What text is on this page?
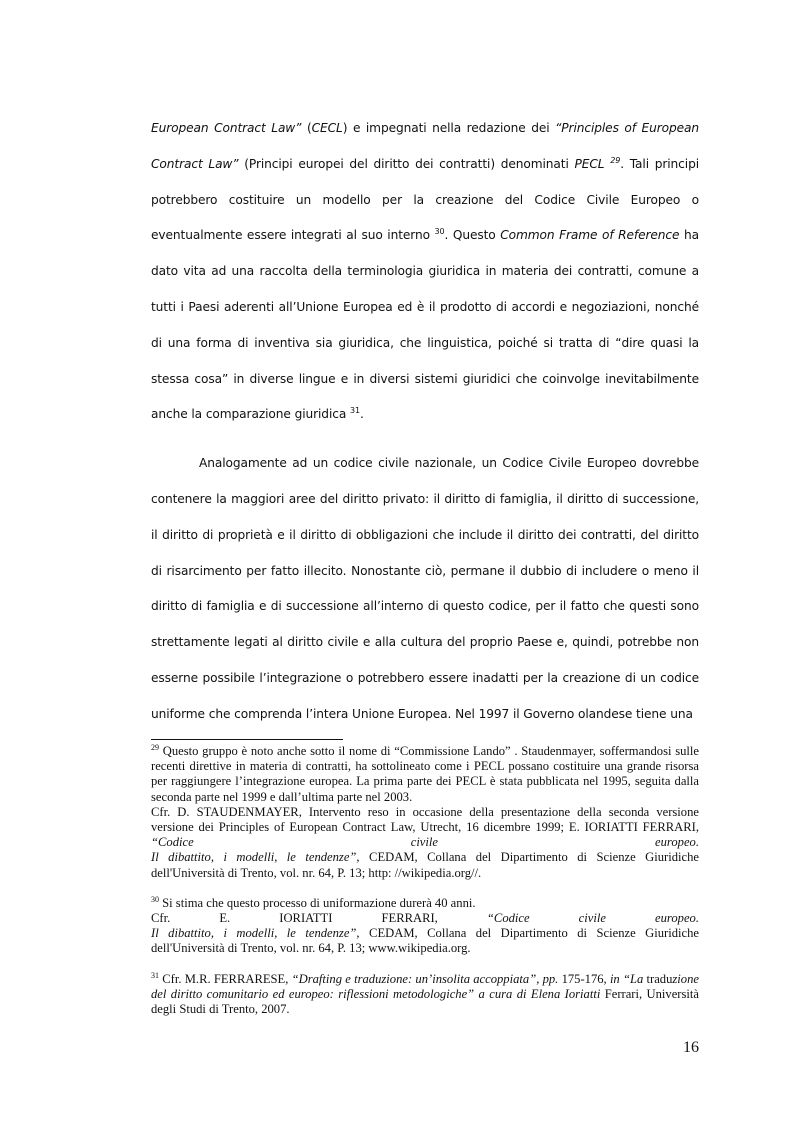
European Contract Law” (CECL) e impegnati nella redazione dei “Principles of European Contract Law” (Principi europei del diritto dei contratti) denominati PECL $^{29}$. Tali principi potrebbero costituire un modello per la creazione del Codice Civile Europeo o eventualmente essere integrati al suo interno $^{30}$. Questo Common Frame of Reference ha dato vita ad una raccolta della terminologia giuridica in materia dei contratti, comune a tutti i Paesi aderenti all’Unione Europea ed è il prodotto di accordi e negoziazioni, nonché di una forma di inventiva sia giuridica, che linguistica, poiché si tratta di “dire quasi la stessa cosa” in diverse lingue e in diversi sistemi giuridici che coinvolge inevitabilmente anche la comparazione giuridica $^{31}$.

Analogamente ad un codice civile nazionale, un Codice Civile Europeo dovrebbe contenere la maggiori aree del diritto privato: il diritto di famiglia, il diritto di successione, il diritto di proprietà e il diritto di obbligazioni che include il diritto dei contratti, del diritto di risarcimento per fatto illecito. Nonostante ciò, permane il dubbio di includere o meno il diritto di famiglia e di successione all’interno di questo codice, per il fatto che questi sono strettamente legati al diritto civile e alla cultura del proprio Paese e, quindi, potrebbe non esserne possibile l’integrazione o potrebbero essere inadatti per la creazione di un codice uniforme che comprenda l’intera Unione Europea. Nel 1997 il Governo olandese tiene una

$^{29}$ Questo gruppo è noto anche sotto il nome di “Commissione Lando” . Staudenmayer, soffermandosi sulle recenti direttive in materia di contratti, ha sottolineato come i PECL possano costituire una grande risorsa per raggiungere l’integrazione europea. La prima parte dei PECL è stata pubblicata nel 1995, seguita dalla seconda parte nel 1999 e dall’ultima parte nel 2003.

Cfr. D. STAUDENMAYER, Intervento reso in occasione della presentazione della seconda versione versione dei Principles of European Contract Law, Utrecht, 16 dicembre 1999; E. IORIATTI FERRARI, “Codice civile europeo.

Il dibattito, i modelli, le tendenze”, CEDAM, Collana del Dipartimento di Scienze Giuridiche dell'Università di Trento, vol. nr. 64, P. 13; http: //wikipedia.org//.

$^{30}$ Si stima che questo processo di uniformazione durerà 40 anni.

Cfr. E. IORIATTI FERRARI, “Codice civile europeo.

Il dibattito, i modelli, le tendenze”, CEDAM, Collana del Dipartimento di Scienze Giuridiche dell'Università di Trento, vol. nr. 64, P. 13; www.wikipedia.org.

$^{31}$ Cfr. M.R. FERRARESE, “Drafting e traduzione: un’insolita accoppiata”, pp. 175-176, in “La traduzione del diritto comunitario ed europeo: riflessioni metodologiche” a cura di Elena Ioriatti Ferrari, Università degli Studi di Trento, 2007.

16
